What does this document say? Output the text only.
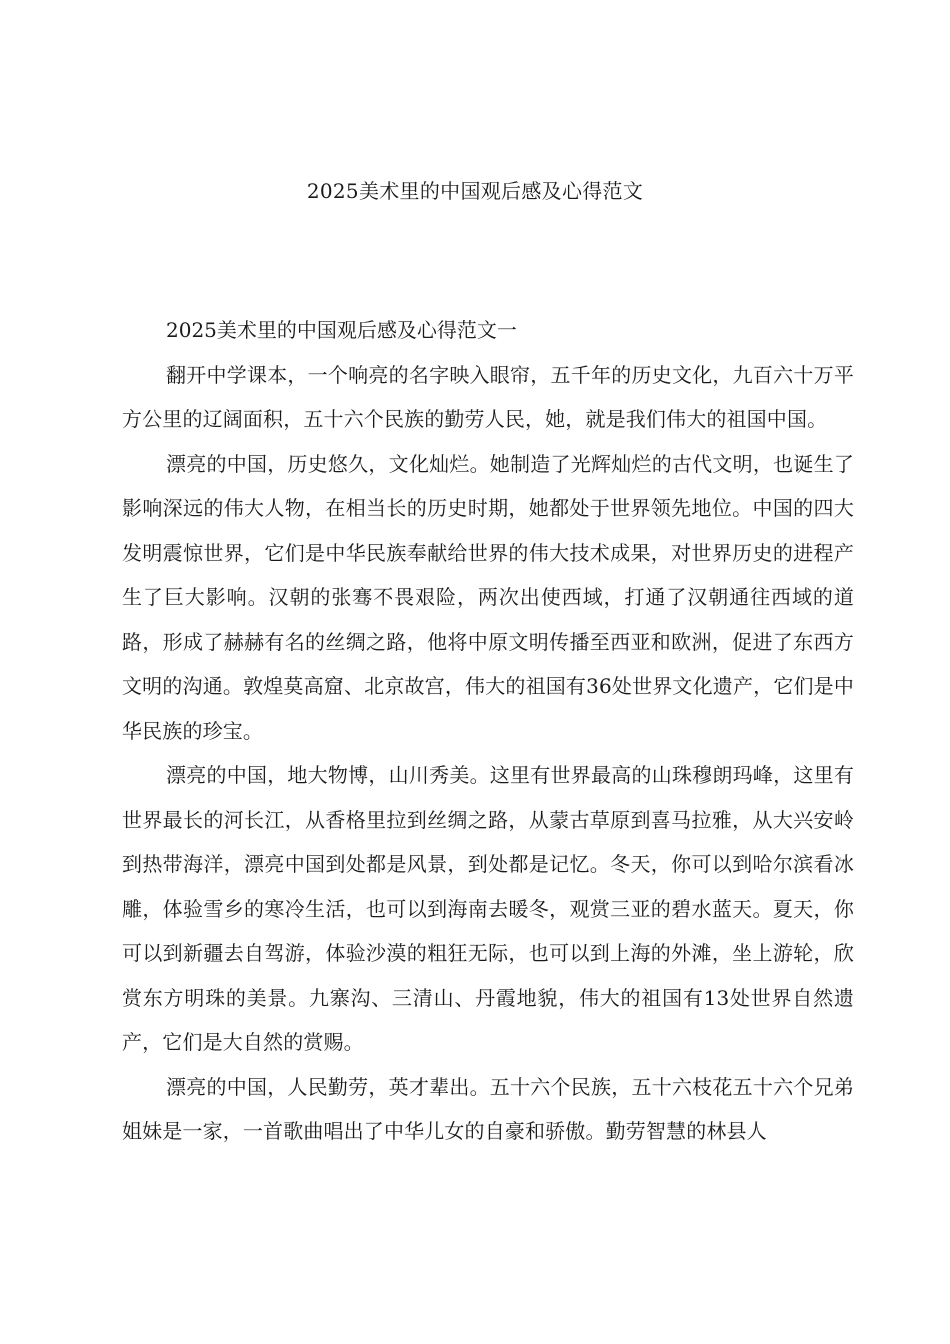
2025美术里的中国观后感及心得范文

2025美术里的中国观后感及心得范文一

翻开中学课本，一个响亮的名字映入眼帘，五千年的历史文化，九百六十万平方公里的辽阔面积，五十六个民族的勤劳人民，她，就是我们伟大的祖国中国。

漂亮的中国，历史悠久，文化灿烂。她制造了光辉灿烂的古代文明，也诞生了影响深远的伟大人物，在相当长的历史时期，她都处于世界领先地位。中国的四大发明震惊世界，它们是中华民族奉献给世界的伟大技术成果，对世界历史的进程产生了巨大影响。汉朝的张骞不畏艰险，两次出使西域，打通了汉朝通往西域的道路，形成了赫赫有名的丝绸之路，他将中原文明传播至西亚和欧洲，促进了东西方文明的沟通。敦煌莫高窟、北京故宫，伟大的祖国有36处世界文化遗产，它们是中华民族的珍宝。

漂亮的中国，地大物博，山川秀美。这里有世界最高的山珠穆朗玛峰，这里有世界最长的河长江，从香格里拉到丝绸之路，从蒙古草原到喜马拉雅，从大兴安岭到热带海洋，漂亮中国到处都是风景，到处都是记忆。冬天，你可以到哈尔滨看冰雕，体验雪乡的寒冷生活，也可以到海南去暖冬，观赏三亚的碧水蓝天。夏天，你可以到新疆去自驾游，体验沙漠的粗狂无际，也可以到上海的外滩，坐上游轮，欣赏东方明珠的美景。九寨沟、三清山、丹霞地貌，伟大的祖国有13处世界自然遗产，它们是大自然的赏赐。

漂亮的中国，人民勤劳，英才辈出。五十六个民族，五十六枝花五十六个兄弟姐妹是一家，一首歌曲唱出了中华儿女的自豪和骄傲。勤劳智慧的林县人
